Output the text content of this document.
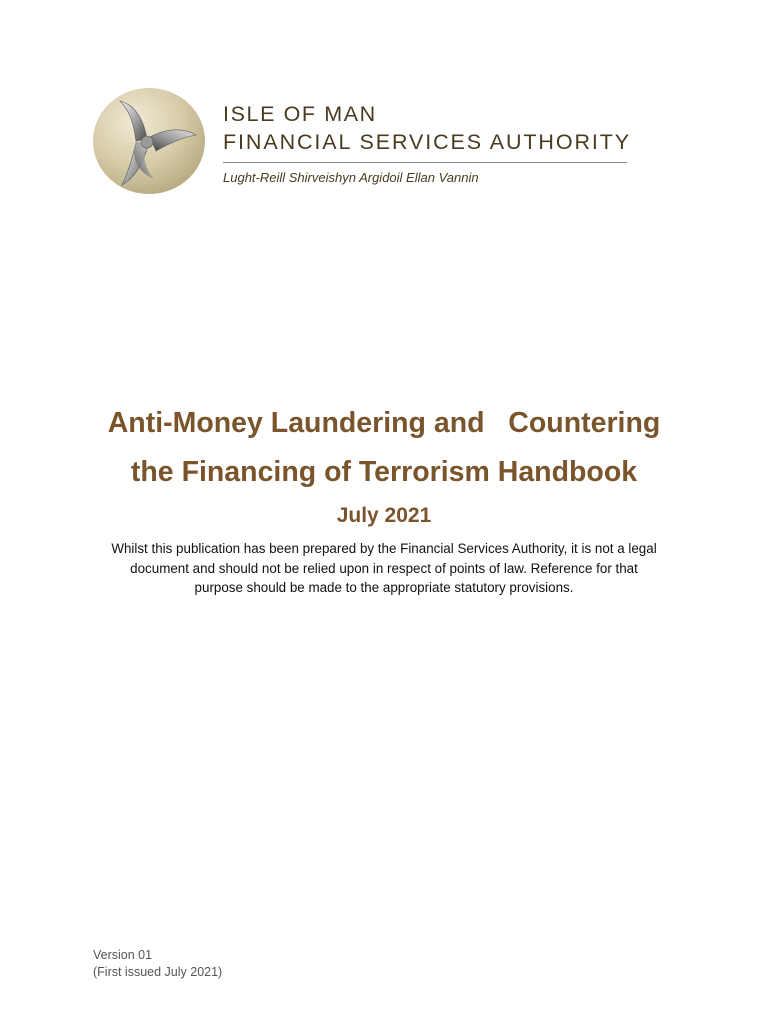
ISLE OF MAN
FINANCIAL SERVICES AUTHORITY
Lught-Reill Shirveishyn Argidoil Ellan Vannin
Anti-Money Laundering and   Countering
the Financing of Terrorism Handbook
July 2021
Whilst this publication has been prepared by the Financial Services Authority, it is not a legal
document and should not be relied upon in respect of points of law. Reference for that
purpose should be made to the appropriate statutory provisions.
Version 01
(First issued July 2021)
